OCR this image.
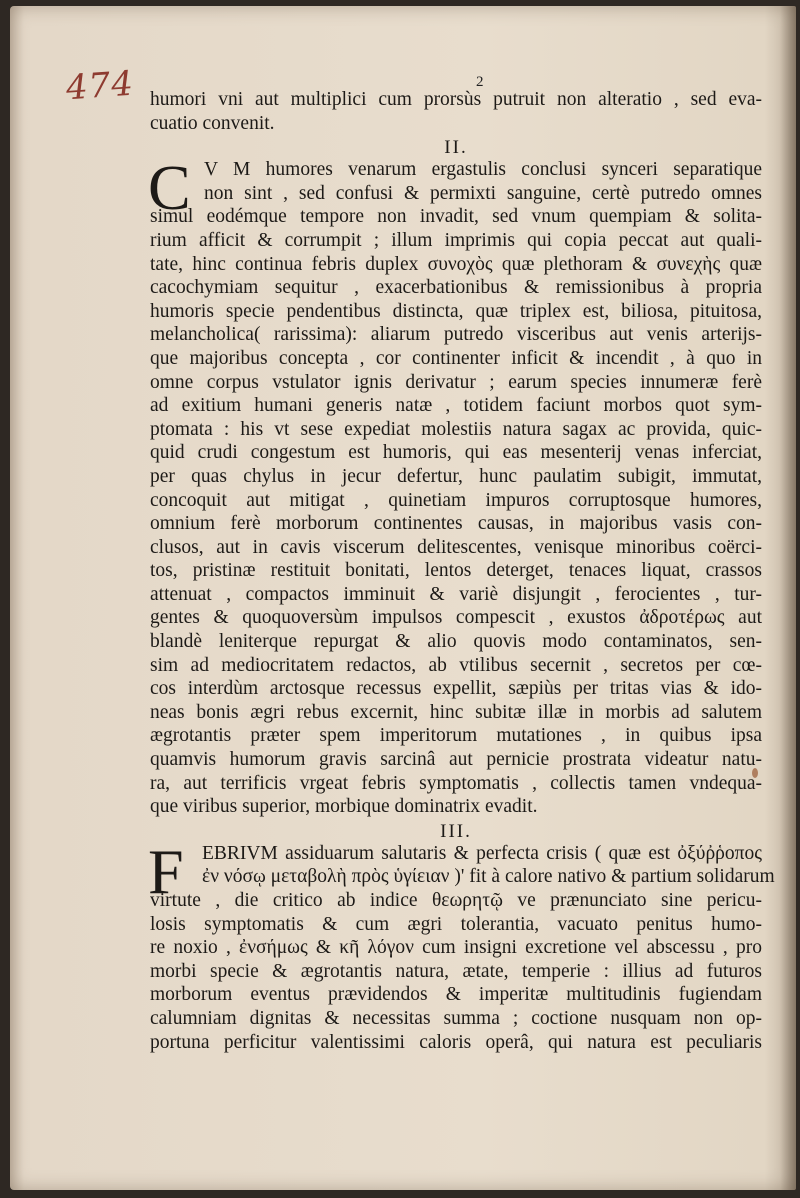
474	2
humori vni aut multiplici cum prorsùs putruit non alteratio , sed eva-
cuatio convenit.
II.
C V M humores venarum ergastulis conclusi synceri separatique
non sint , sed confusi & permixti sanguine, certè putredo omnes
simul eodémque tempore non invadit, sed vnum quempiam & solita-
rium afficit & corrumpit ; illum imprimis qui copia peccat aut quali-
tate, hinc continua febris duplex συνοχὸς quæ plethoram & συνεχὴς quæ
cacochymiam sequitur , exacerbationibus & remissionibus à propria
humoris specie pendentibus distincta, quæ triplex est, biliosa, pituitosa,
melancholica( rarissima): aliarum putredo visceribus aut venis arterijs-
que majoribus concepta , cor continenter inficit & incendit , à quo in
omne corpus vstulator ignis derivatur ; earum species innumeræ ferè
ad exitium humani generis natæ , totidem faciunt morbos quot sym-
ptomata : his vt sese expediat molestiis natura sagax ac provida, quic-
quid crudi congestum est humoris, qui eas mesenterij venas inferciat,
per quas chylus in jecur defertur, hunc paulatim subigit, immutat,
concoquit aut mitigat , quinetiam impuros corruptosque humores,
omnium ferè morborum continentes causas, in majoribus vasis con-
clusos, aut in cavis viscerum delitescentes, venisque minoribus coërci-
tos, pristinæ restituit bonitati, lentos deterget, tenaces liquat, crassos
attenuat , compactos imminuit & variè disjungit , ferocientes , tur-
gentes & quoquoversùm impulsos compescit , exustos ἀδροτέρως aut
blandè leniterque repurgat & alio quovis modo contaminatos, sen-
sim ad mediocritatem redactos, ab vtilibus secernit , secretos per cœ-
cos interdùm arctosque recessus expellit, sæpiùs per tritas vias & ido-
neas bonis ægri rebus excernit, hinc subitæ illæ in morbis ad salutem
ægrotantis præter spem imperitorum mutationes , in quibus ipsa
quamvis humorum gravis sarcinâ aut pernicie prostrata videatur natu-
ra, aut terrificis vrgeat febris symptomatis , collectis tamen vndequa-
que viribus superior, morbique dominatrix evadit.
III.
F EBRIVM assiduarum salutaris & perfecta crisis ( quæ est ὀξύῤῥοπος
ἐν νόσῳ μεταβολὴ πρὸς ὑγίειαν )' fit à calore nativo & partium solidarum
virtute , die critico ab indice θεωρητῷ ve prænunciato sine pericu-
losis symptomatis & cum ægri tolerantia, vacuato penitus humo-
re noxio , ἐνσήμως & κῆ λόγον cum insigni excretione vel abscessu , pro
morbi specie & ægrotantis natura, ætate, temperie : illius ad futuros
morborum eventus prævidendos & imperitæ multitudinis fugiendam
calumniam dignitas & necessitas summa ; coctione nusquam non op-
portuna perficitur valentissimi caloris operâ, qui natura est peculiaris
